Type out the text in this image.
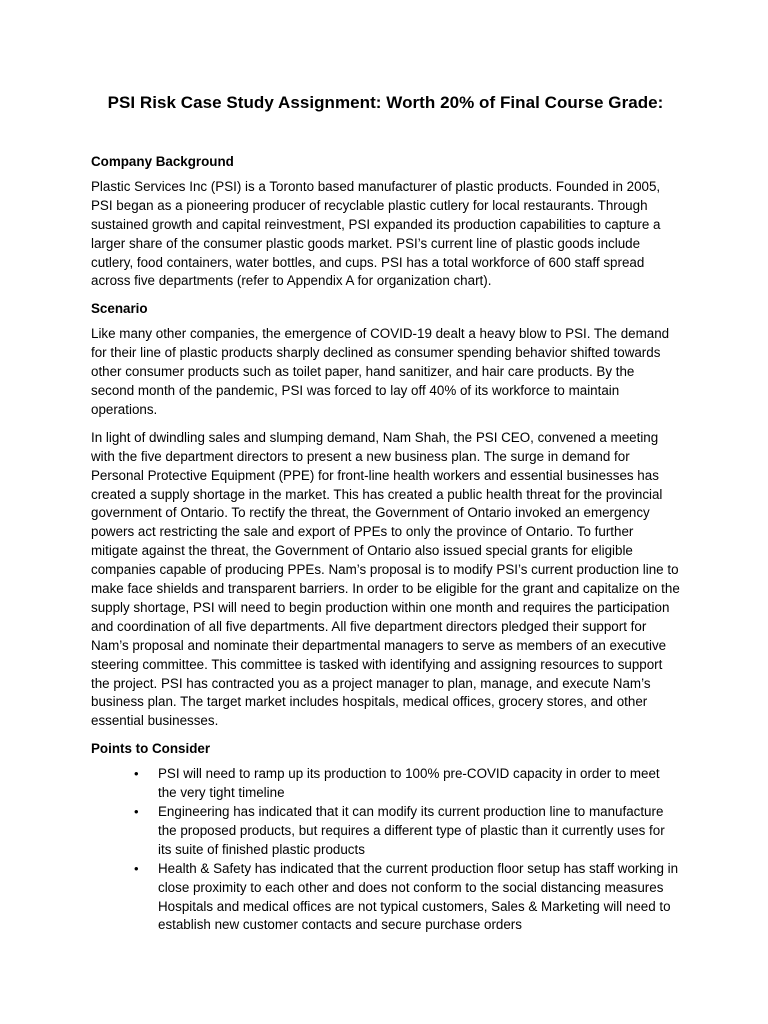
PSI Risk Case Study Assignment: Worth 20% of Final Course Grade:

Company Background

Plastic Services Inc (PSI) is a Toronto based manufacturer of plastic products. Founded in 2005, PSI began as a pioneering producer of recyclable plastic cutlery for local restaurants. Through sustained growth and capital reinvestment, PSI expanded its production capabilities to capture a larger share of the consumer plastic goods market. PSI’s current line of plastic goods include cutlery, food containers, water bottles, and cups. PSI has a total workforce of 600 staff spread across five departments (refer to Appendix A for organization chart).

Scenario

Like many other companies, the emergence of COVID-19 dealt a heavy blow to PSI. The demand for their line of plastic products sharply declined as consumer spending behavior shifted towards other consumer products such as toilet paper, hand sanitizer, and hair care products. By the second month of the pandemic, PSI was forced to lay off 40% of its workforce to maintain operations.

In light of dwindling sales and slumping demand, Nam Shah, the PSI CEO, convened a meeting with the five department directors to present a new business plan. The surge in demand for Personal Protective Equipment (PPE) for front-line health workers and essential businesses has created a supply shortage in the market. This has created a public health threat for the provincial government of Ontario. To rectify the threat, the Government of Ontario invoked an emergency powers act restricting the sale and export of PPEs to only the province of Ontario. To further mitigate against the threat, the Government of Ontario also issued special grants for eligible companies capable of producing PPEs. Nam’s proposal is to modify PSI’s current production line to make face shields and transparent barriers. In order to be eligible for the grant and capitalize on the supply shortage, PSI will need to begin production within one month and requires the participation and coordination of all five departments. All five department directors pledged their support for Nam’s proposal and nominate their departmental managers to serve as members of an executive steering committee. This committee is tasked with identifying and assigning resources to support the project. PSI has contracted you as a project manager to plan, manage, and execute Nam’s business plan. The target market includes hospitals, medical offices, grocery stores, and other essential businesses.

Points to Consider

• PSI will need to ramp up its production to 100% pre-COVID capacity in order to meet the very tight timeline
• Engineering has indicated that it can modify its current production line to manufacture the proposed products, but requires a different type of plastic than it currently uses for its suite of finished plastic products
• Health & Safety has indicated that the current production floor setup has staff working in close proximity to each other and does not conform to the social distancing measures Hospitals and medical offices are not typical customers, Sales & Marketing will need to establish new customer contacts and secure purchase orders
